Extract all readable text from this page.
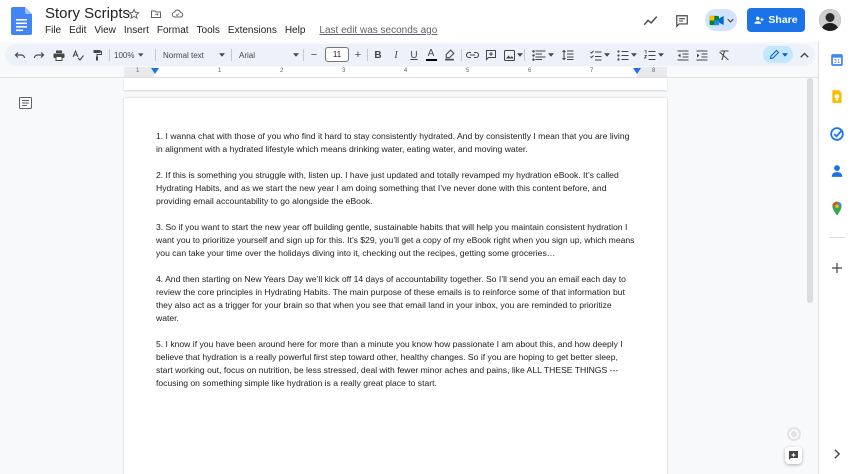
Story Scripts
File Edit View Insert Format Tools Extensions Help	Last edit was seconds ago
Share
100%	Normal text	Arial	−	11	+	B	I	U	A
1	1	2	3	4	5	6	7	8

1. I wanna chat with those of you who find it hard to stay consistently hydrated. And by consistently I mean that you are living in alignment with a hydrated lifestyle which means drinking water, eating water, and moving water.

2. If this is something you struggle with, listen up. I have just updated and totally revamped my hydration eBook. It’s called Hydrating Habits, and as we start the new year I am doing something that I’ve never done with this content before, and providing email accountability to go alongside the eBook.

3. So if you want to start the new year off building gentle, sustainable habits that will help you maintain consistent hydration I want you to prioritize yourself and sign up for this. It’s $29, you’ll get a copy of my eBook right when you sign up, which means you can take your time over the holidays diving into it, checking out the recipes, getting some groceries…

4. And then starting on New Years Day we’ll kick off 14 days of accountability together. So I’ll send you an email each day to review the core principles in Hydrating Habits. The main purpose of these emails is to reinforce some of that information but they also act as a trigger for your brain so that when you see that email land in your inbox, you are reminded to prioritize water.

5. I know if you have been around here for more than a minute you know how passionate I am about this, and how deeply I believe that hydration is a really powerful first step toward other, healthy changes. So if you are hoping to get better sleep, start working out, focus on nutrition, be less stressed, deal with fewer minor aches and pains, like ALL THESE THINGS --- focusing on something simple like hydration is a really great place to start.

31
